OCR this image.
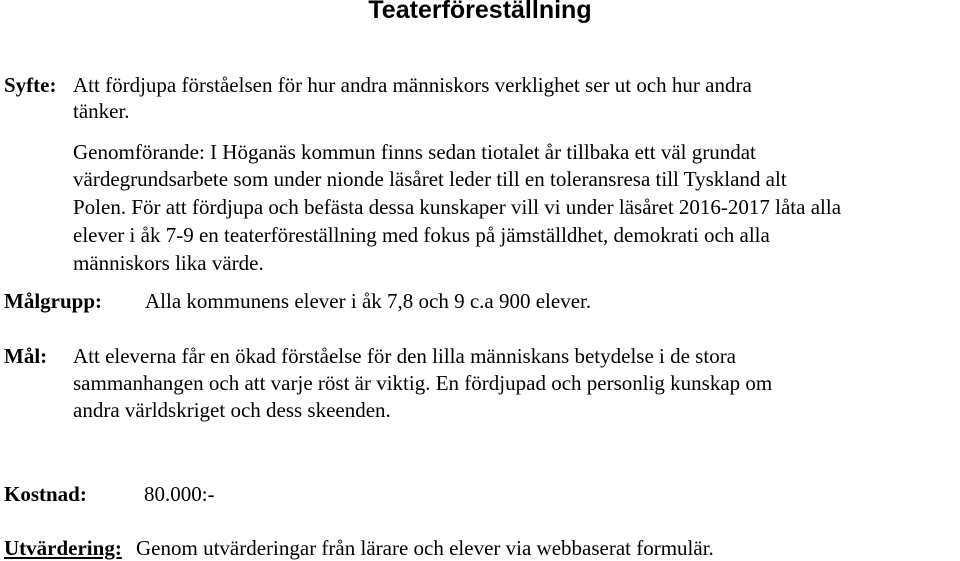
Teaterföreställning
Syfte: Att fördjupa förståelsen för hur andra människors verklighet ser ut och hur andra
tänker.
Genomförande: I Höganäs kommun finns sedan tiotalet år tillbaka ett väl grundat
värdegrundsarbete som under nionde läsåret leder till en toleransresa till Tyskland alt
Polen. För att fördjupa och befästa dessa kunskaper vill vi under läsåret 2016-2017 låta alla
elever i åk 7-9 en teaterföreställning med fokus på jämställdhet, demokrati och alla
människors lika värde.
Målgrupp: Alla kommunens elever i åk 7,8 och 9 c.a 900 elever.
Mål: Att eleverna får en ökad förståelse för den lilla människans betydelse i de stora
sammanhangen och att varje röst är viktig. En fördjupad och personlig kunskap om
andra världskriget och dess skeenden.
Kostnad:	80.000:-
Utvärdering: Genom utvärderingar från lärare och elever via webbaserat formulär.
